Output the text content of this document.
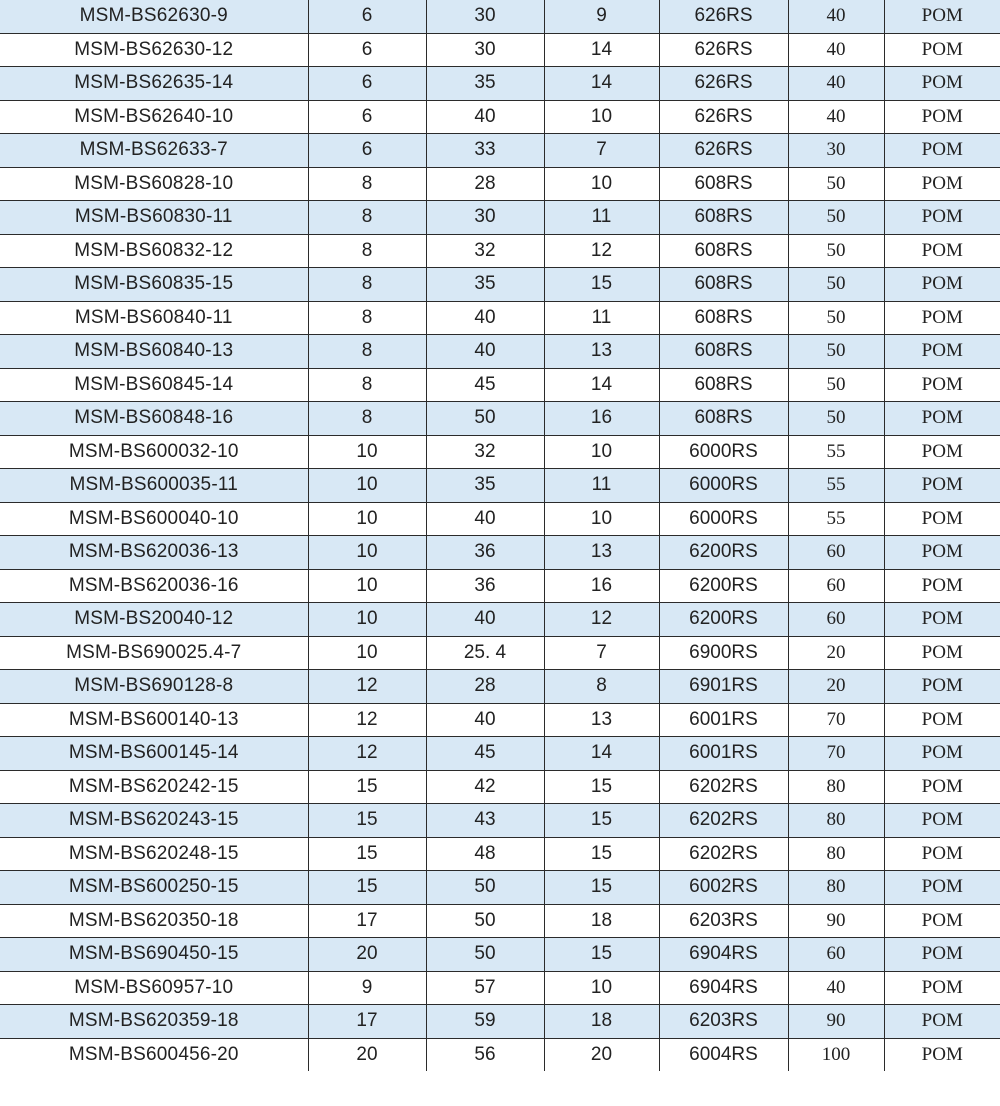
MSM-BS62630-9	6	30	9	626RS	40	POM
MSM-BS62630-12	6	30	14	626RS	40	POM
MSM-BS62635-14	6	35	14	626RS	40	POM
MSM-BS62640-10	6	40	10	626RS	40	POM
MSM-BS62633-7	6	33	7	626RS	30	POM
MSM-BS60828-10	8	28	10	608RS	50	POM
MSM-BS60830-11	8	30	11	608RS	50	POM
MSM-BS60832-12	8	32	12	608RS	50	POM
MSM-BS60835-15	8	35	15	608RS	50	POM
MSM-BS60840-11	8	40	11	608RS	50	POM
MSM-BS60840-13	8	40	13	608RS	50	POM
MSM-BS60845-14	8	45	14	608RS	50	POM
MSM-BS60848-16	8	50	16	608RS	50	POM
MSM-BS600032-10	10	32	10	6000RS	55	POM
MSM-BS600035-11	10	35	11	6000RS	55	POM
MSM-BS600040-10	10	40	10	6000RS	55	POM
MSM-BS620036-13	10	36	13	6200RS	60	POM
MSM-BS620036-16	10	36	16	6200RS	60	POM
MSM-BS20040-12	10	40	12	6200RS	60	POM
MSM-BS690025.4-7	10	25. 4	7	6900RS	20	POM
MSM-BS690128-8	12	28	8	6901RS	20	POM
MSM-BS600140-13	12	40	13	6001RS	70	POM
MSM-BS600145-14	12	45	14	6001RS	70	POM
MSM-BS620242-15	15	42	15	6202RS	80	POM
MSM-BS620243-15	15	43	15	6202RS	80	POM
MSM-BS620248-15	15	48	15	6202RS	80	POM
MSM-BS600250-15	15	50	15	6002RS	80	POM
MSM-BS620350-18	17	50	18	6203RS	90	POM
MSM-BS690450-15	20	50	15	6904RS	60	POM
MSM-BS60957-10	9	57	10	6904RS	40	POM
MSM-BS620359-18	17	59	18	6203RS	90	POM
MSM-BS600456-20	20	56	20	6004RS	100	POM
